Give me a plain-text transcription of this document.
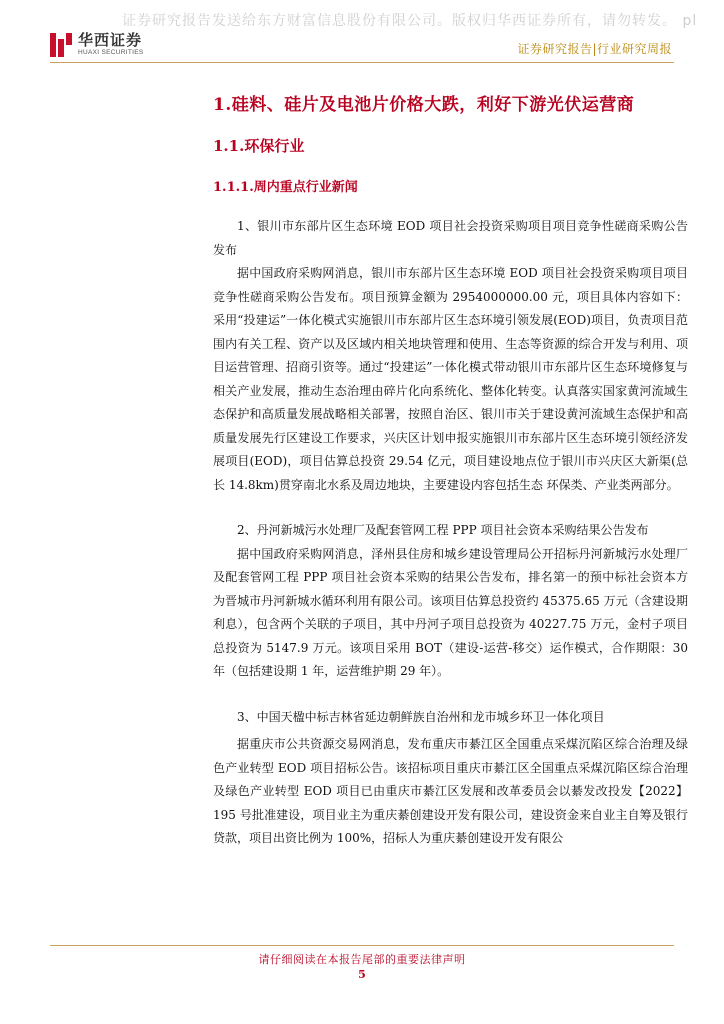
证券研究报告发送给东方财富信息股份有限公司。版权归华西证券所有，请勿转发。 pl
华西证券
HUAXI SECURITIES	证券研究报告|行业研究周报
1.硅料、硅片及电池片价格大跌，利好下游光伏运营商
1.1.环保行业
1.1.1.周内重点行业新闻

1、银川市东部片区生态环境 EOD 项目社会投资采购项目项目竞争性磋商采购公告发布

据中国政府采购网消息，银川市东部片区生态环境 EOD 项目社会投资采购项目项目竞争性磋商采购公告发布。项目预算金额为 2954000000.00 元，项目具体内容如下：采用“投建运”一体化模式实施银川市东部片区生态环境引领发展(EOD)项目，负责项目范围内有关工程、资产以及区域内相关地块管理和使用、生态等资源的综合开发与利用、项目运营管理、招商引资等。通过“投建运”一体化模式带动银川市东部片区生态环境修复与相关产业发展，推动生态治理由碎片化向系统化、整体化转变。认真落实国家黄河流域生态保护和高质量发展战略相关部署，按照自治区、银川市关于建设黄河流域生态保护和高质量发展先行区建设工作要求，兴庆区计划申报实施银川市东部片区生态环境引领经济发展项目(EOD)，项目估算总投资 29.54 亿元，项目建设地点位于银川市兴庆区大新渠(总长 14.8km)贯穿南北水系及周边地块，主要建设内容包括生态 环保类、产业类两部分。

2、丹河新城污水处理厂及配套管网工程 PPP 项目社会资本采购结果公告发布

据中国政府采购网消息，泽州县住房和城乡建设管理局公开招标丹河新城污水处理厂及配套管网工程 PPP 项目社会资本采购的结果公告发布，排名第一的预中标社会资本方为晋城市丹河新城水循环利用有限公司。该项目估算总投资约 45375.65 万元（含建设期利息），包含两个关联的子项目，其中丹河子项目总投资为 40227.75 万元，金村子项目总投资为 5147.9 万元。该项目采用 BOT（建设-运营-移交）运作模式，合作期限：30 年（包括建设期 1 年，运营维护期 29 年）。

3、中国天楹中标吉林省延边朝鲜族自治州和龙市城乡环卫一体化项目

据重庆市公共资源交易网消息，发布重庆市綦江区全国重点采煤沉陷区综合治理及绿色产业转型 EOD 项目招标公告。该招标项目重庆市綦江区全国重点采煤沉陷区综合治理及绿色产业转型 EOD 项目已由重庆市綦江区发展和改革委员会以綦发改投发【2022】195 号批准建设，项目业主为重庆綦创建设开发有限公司，建设资金来自业主自筹及银行贷款，项目出资比例为 100%，招标人为重庆綦创建设开发有限公

请仔细阅读在本报告尾部的重要法律声明
5
